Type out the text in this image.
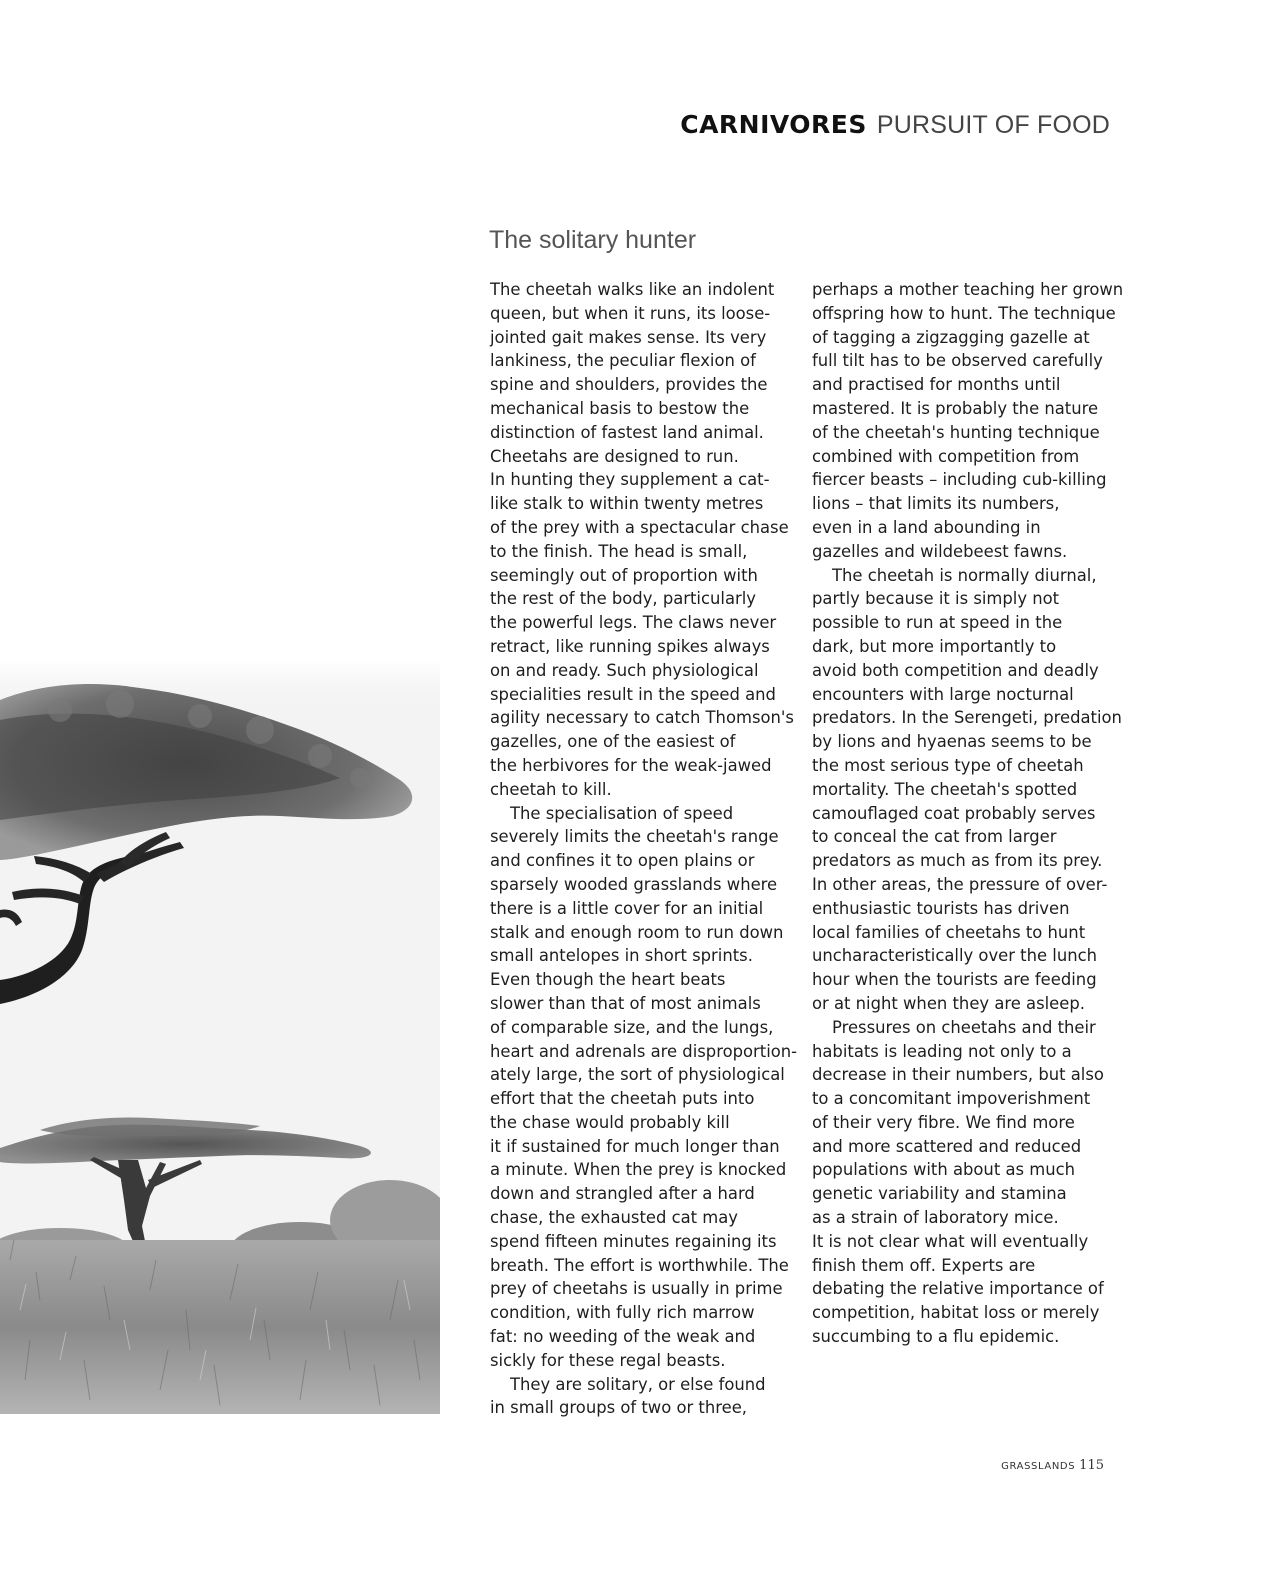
CARNIVORES PURSUIT OF FOOD
The solitary hunter
The cheetah walks like an indolent
queen, but when it runs, its loose-
jointed gait makes sense. Its very
lankiness, the peculiar flexion of
spine and shoulders, provides the
mechanical basis to bestow the
distinction of fastest land animal.
Cheetahs are designed to run.
In hunting they supplement a cat-
like stalk to within twenty metres
of the prey with a spectacular chase
to the finish. The head is small,
seemingly out of proportion with
the rest of the body, particularly
the powerful legs. The claws never
retract, like running spikes always
on and ready. Such physiological
specialities result in the speed and
agility necessary to catch Thomson's
gazelles, one of the easiest of
the herbivores for the weak-jawed
cheetah to kill.
The specialisation of speed
severely limits the cheetah's range
and confines it to open plains or
sparsely wooded grasslands where
there is a little cover for an initial
stalk and enough room to run down
small antelopes in short sprints.
Even though the heart beats
slower than that of most animals
of comparable size, and the lungs,
heart and adrenals are disproportion-
ately large, the sort of physiological
effort that the cheetah puts into
the chase would probably kill
it if sustained for much longer than
a minute. When the prey is knocked
down and strangled after a hard
chase, the exhausted cat may
spend fifteen minutes regaining its
breath. The effort is worthwhile. The
prey of cheetahs is usually in prime
condition, with fully rich marrow
fat: no weeding of the weak and
sickly for these regal beasts.
They are solitary, or else found
in small groups of two or three,
perhaps a mother teaching her grown
offspring how to hunt. The technique
of tagging a zigzagging gazelle at
full tilt has to be observed carefully
and practised for months until
mastered. It is probably the nature
of the cheetah's hunting technique
combined with competition from
fiercer beasts – including cub-killing
lions – that limits its numbers,
even in a land abounding in
gazelles and wildebeest fawns.
The cheetah is normally diurnal,
partly because it is simply not
possible to run at speed in the
dark, but more importantly to
avoid both competition and deadly
encounters with large nocturnal
predators. In the Serengeti, predation
by lions and hyaenas seems to be
the most serious type of cheetah
mortality. The cheetah's spotted
camouflaged coat probably serves
to conceal the cat from larger
predators as much as from its prey.
In other areas, the pressure of over-
enthusiastic tourists has driven
local families of cheetahs to hunt
uncharacteristically over the lunch
hour when the tourists are feeding
or at night when they are asleep.
Pressures on cheetahs and their
habitats is leading not only to a
decrease in their numbers, but also
to a concomitant impoverishment
of their very fibre. We find more
and more scattered and reduced
populations with about as much
genetic variability and stamina
as a strain of laboratory mice.
It is not clear what will eventually
finish them off. Experts are
debating the relative importance of
competition, habitat loss or merely
succumbing to a flu epidemic.
GRASSLANDS 115
